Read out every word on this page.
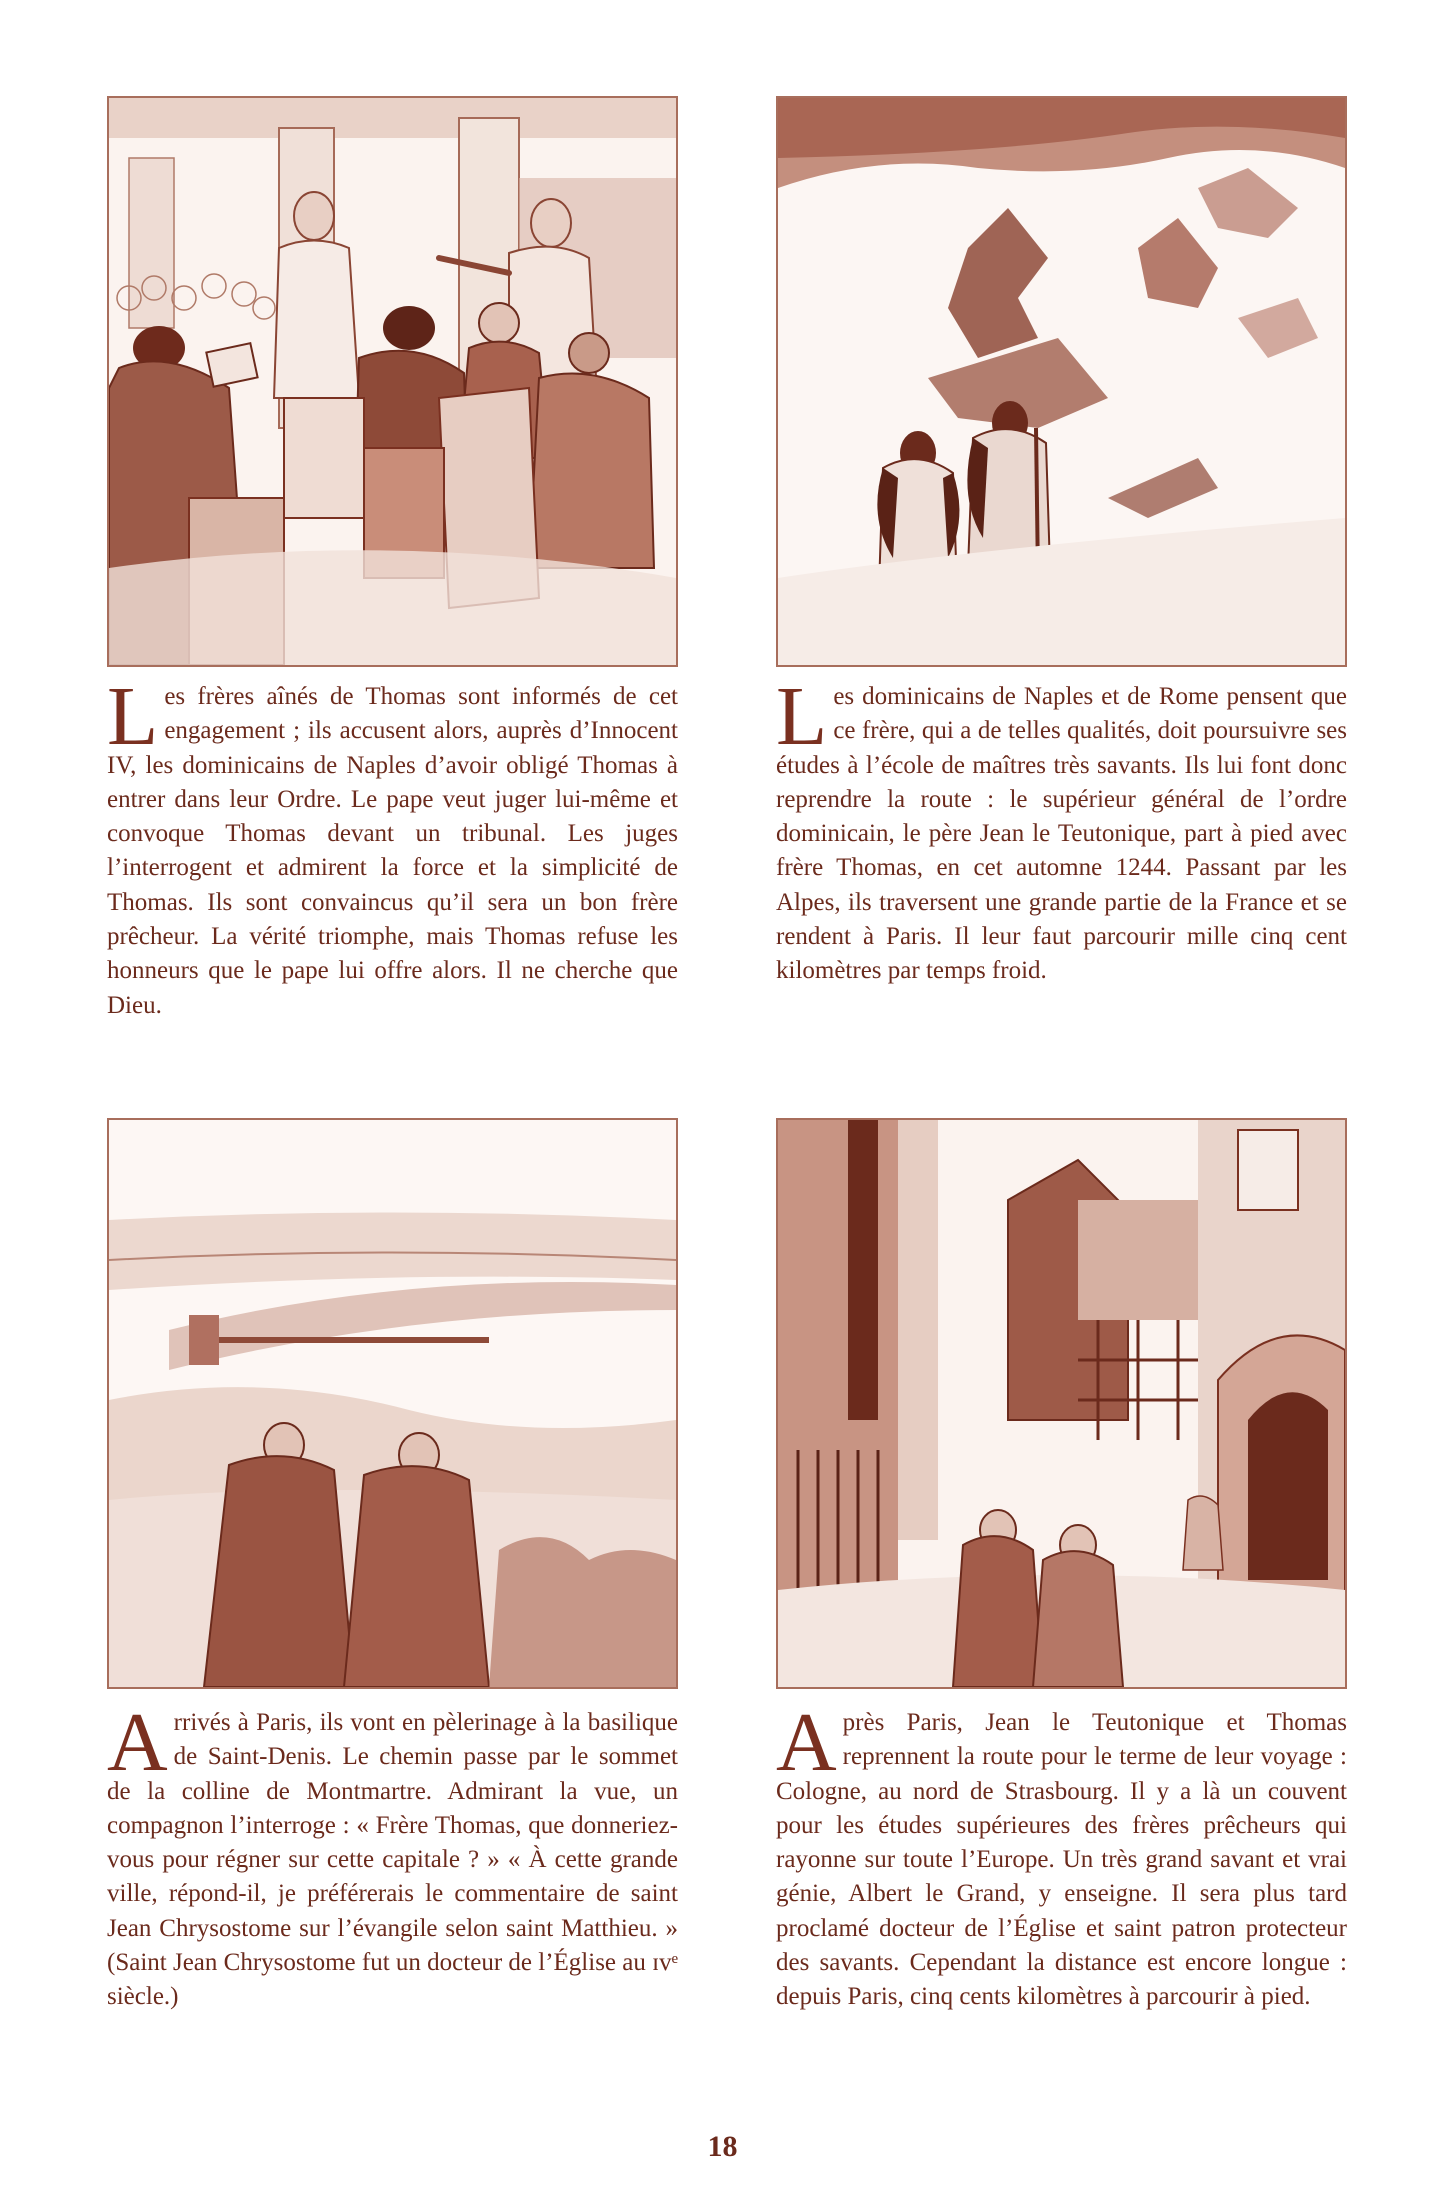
Les frères aînés de Thomas sont informés de cet engagement ; ils accusent alors, auprès d’Innocent IV, les dominicains de Naples d’avoir obligé Thomas à entrer dans leur Ordre. Le pape veut juger lui-même et convoque Thomas devant un tribunal. Les juges l’interrogent et admirent la force et la simplicité de Thomas. Ils sont convaincus qu’il sera un bon frère prêcheur. La vérité triomphe, mais Thomas refuse les honneurs que le pape lui offre alors. Il ne cherche que Dieu.

Les dominicains de Naples et de Rome pensent que ce frère, qui a de telles qualités, doit poursuivre ses études à l’école de maîtres très savants. Ils lui font donc reprendre la route : le supérieur général de l’ordre dominicain, le père Jean le Teutonique, part à pied avec frère Thomas, en cet automne 1244. Passant par les Alpes, ils traversent une grande partie de la France et se rendent à Paris. Il leur faut parcourir mille cinq cent kilomètres par temps froid.

Arrivés à Paris, ils vont en pèlerinage à la basilique de Saint-Denis. Le chemin passe par le sommet de la colline de Montmartre. Admirant la vue, un compagnon l’interroge : « Frère Thomas, que donneriez-vous pour régner sur cette capitale ? » « À cette grande ville, répond-il, je préférerais le commentaire de saint Jean Chrysostome sur l’évangile selon saint Matthieu. » (Saint Jean Chrysostome fut un docteur de l’Église au ɪᴠᵉ siècle.)

Après Paris, Jean le Teutonique et Thomas reprennent la route pour le terme de leur voyage : Cologne, au nord de Strasbourg. Il y a là un couvent pour les études supérieures des frères prêcheurs qui rayonne sur toute l’Europe. Un très grand savant et vrai génie, Albert le Grand, y enseigne. Il sera plus tard proclamé docteur de l’Église et saint patron protecteur des savants. Cependant la distance est encore longue : depuis Paris, cinq cents kilomètres à parcourir à pied.

18
